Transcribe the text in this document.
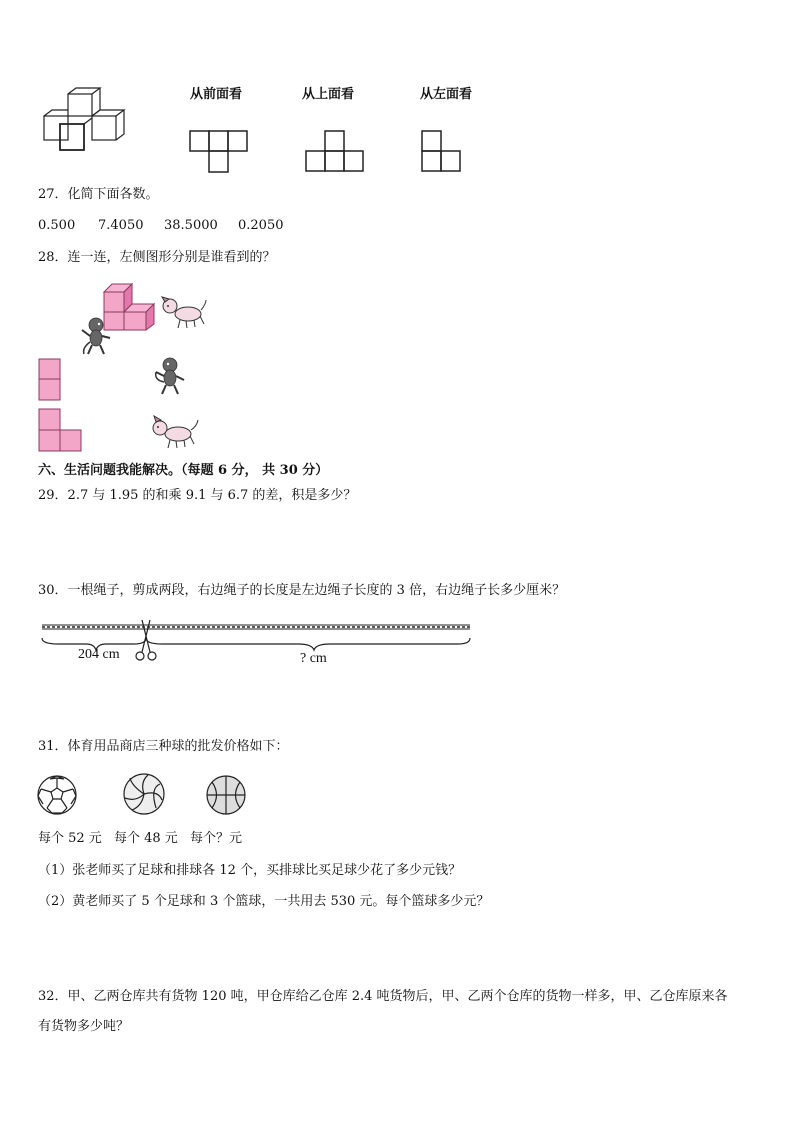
从前面看	从上面看	从左面看
27．化简下面各数。
0.500 7.4050 38.5000 0.2050
28．连一连，左侧图形分别是谁看到的？
六、生活问题我能解决。（每题 6 分， 共 30 分）
29．2.7 与 1.95 的和乘 9.1 与 6.7 的差，积是多少？
30．一根绳子，剪成两段，右边绳子的长度是左边绳子长度的 3 倍，右边绳子长多少厘米？
204 cm	? cm
31．体育用品商店三种球的批发价格如下：
每个 52 元 每个 48 元 每个？元
（1）张老师买了足球和排球各 12 个，买排球比买足球少花了多少元钱？
（2）黄老师买了 5 个足球和 3 个篮球，一共用去 530 元。每个篮球多少元？
32．甲、乙两仓库共有货物 120 吨，甲仓库给乙仓库 2.4 吨货物后，甲、乙两个仓库的货物一样多，甲、乙仓库原来各
有货物多少吨？
